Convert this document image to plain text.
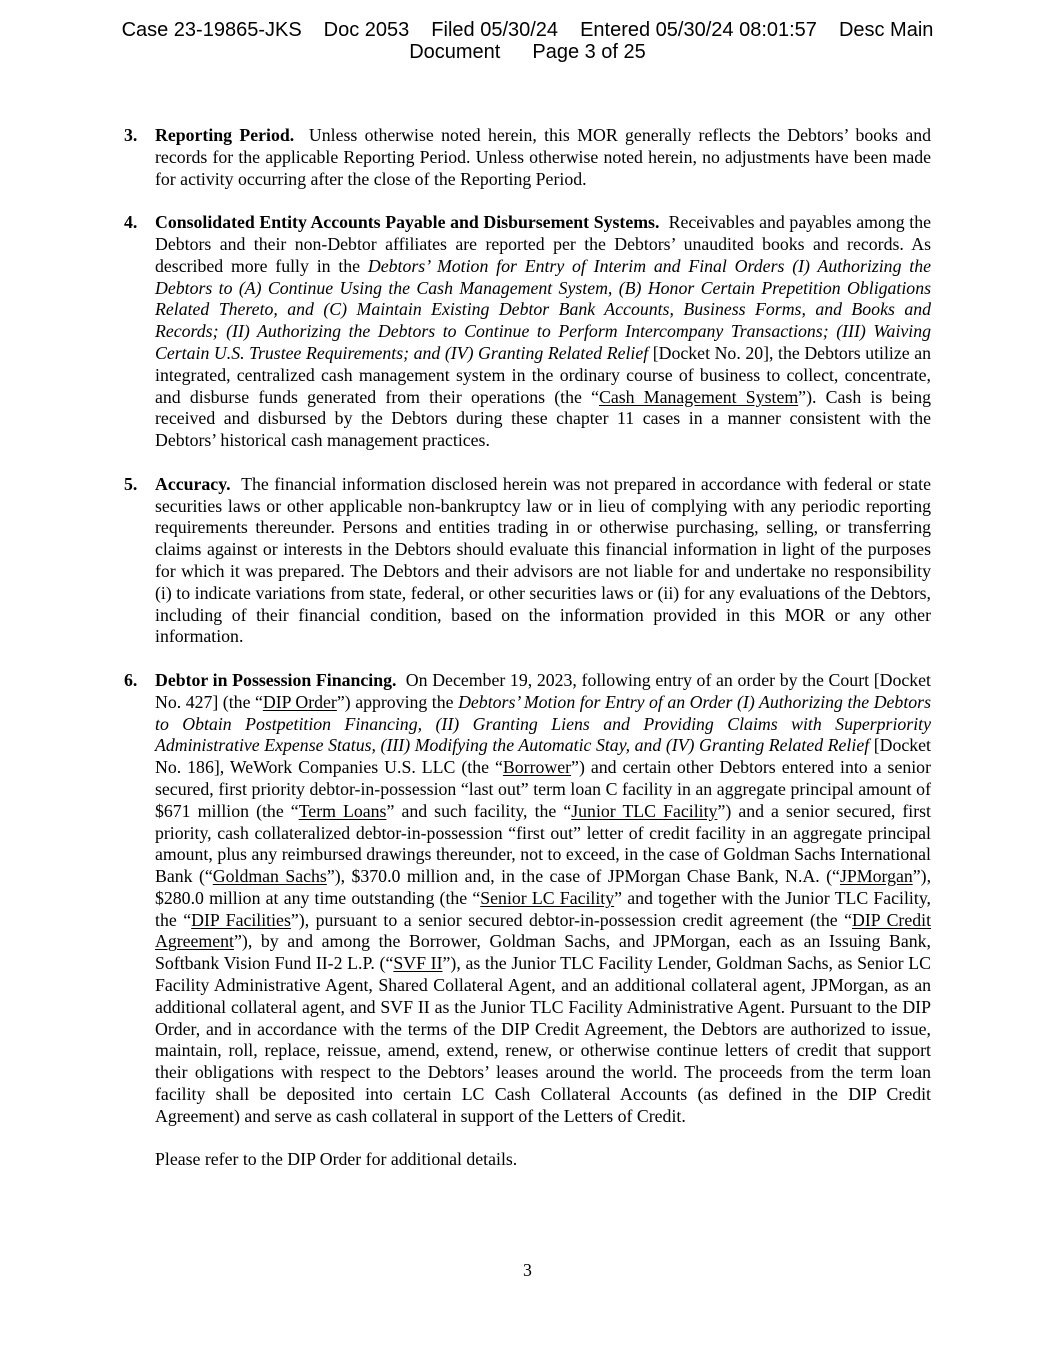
Case 23-19865-JKS Doc 2053 Filed 05/30/24 Entered 05/30/24 08:01:57 Desc Main
Document Page 3 of 25
3. Reporting Period. Unless otherwise noted herein, this MOR generally reflects the Debtors’ books and records for the applicable Reporting Period. Unless otherwise noted herein, no adjustments have been made for activity occurring after the close of the Reporting Period.
4. Consolidated Entity Accounts Payable and Disbursement Systems. Receivables and payables among the Debtors and their non-Debtor affiliates are reported per the Debtors’ unaudited books and records. As described more fully in the Debtors’ Motion for Entry of Interim and Final Orders (I) Authorizing the Debtors to (A) Continue Using the Cash Management System, (B) Honor Certain Prepetition Obligations Related Thereto, and (C) Maintain Existing Debtor Bank Accounts, Business Forms, and Books and Records; (II) Authorizing the Debtors to Continue to Perform Intercompany Transactions; (III) Waiving Certain U.S. Trustee Requirements; and (IV) Granting Related Relief [Docket No. 20], the Debtors utilize an integrated, centralized cash management system in the ordinary course of business to collect, concentrate, and disburse funds generated from their operations (the “Cash Management System”). Cash is being received and disbursed by the Debtors during these chapter 11 cases in a manner consistent with the Debtors’ historical cash management practices.
5. Accuracy. The financial information disclosed herein was not prepared in accordance with federal or state securities laws or other applicable non-bankruptcy law or in lieu of complying with any periodic reporting requirements thereunder. Persons and entities trading in or otherwise purchasing, selling, or transferring claims against or interests in the Debtors should evaluate this financial information in light of the purposes for which it was prepared. The Debtors and their advisors are not liable for and undertake no responsibility (i) to indicate variations from state, federal, or other securities laws or (ii) for any evaluations of the Debtors, including of their financial condition, based on the information provided in this MOR or any other information.
6. Debtor in Possession Financing. On December 19, 2023, following entry of an order by the Court [Docket No. 427] (the “DIP Order”) approving the Debtors’ Motion for Entry of an Order (I) Authorizing the Debtors to Obtain Postpetition Financing, (II) Granting Liens and Providing Claims with Superpriority Administrative Expense Status, (III) Modifying the Automatic Stay, and (IV) Granting Related Relief [Docket No. 186], WeWork Companies U.S. LLC (the “Borrower”) and certain other Debtors entered into a senior secured, first priority debtor-in-possession “last out” term loan C facility in an aggregate principal amount of $671 million (the “Term Loans” and such facility, the “Junior TLC Facility”) and a senior secured, first priority, cash collateralized debtor-in-possession “first out” letter of credit facility in an aggregate principal amount, plus any reimbursed drawings thereunder, not to exceed, in the case of Goldman Sachs International Bank (“Goldman Sachs”), $370.0 million and, in the case of JPMorgan Chase Bank, N.A. (“JPMorgan”), $280.0 million at any time outstanding (the “Senior LC Facility” and together with the Junior TLC Facility, the “DIP Facilities”), pursuant to a senior secured debtor-in-possession credit agreement (the “DIP Credit Agreement”), by and among the Borrower, Goldman Sachs, and JPMorgan, each as an Issuing Bank, Softbank Vision Fund II-2 L.P. (“SVF II”), as the Junior TLC Facility Lender, Goldman Sachs, as Senior LC Facility Administrative Agent, Shared Collateral Agent, and an additional collateral agent, JPMorgan, as an additional collateral agent, and SVF II as the Junior TLC Facility Administrative Agent. Pursuant to the DIP Order, and in accordance with the terms of the DIP Credit Agreement, the Debtors are authorized to issue, maintain, roll, replace, reissue, amend, extend, renew, or otherwise continue letters of credit that support their obligations with respect to the Debtors’ leases around the world. The proceeds from the term loan facility shall be deposited into certain LC Cash Collateral Accounts (as defined in the DIP Credit Agreement) and serve as cash collateral in support of the Letters of Credit.
Please refer to the DIP Order for additional details.
3
